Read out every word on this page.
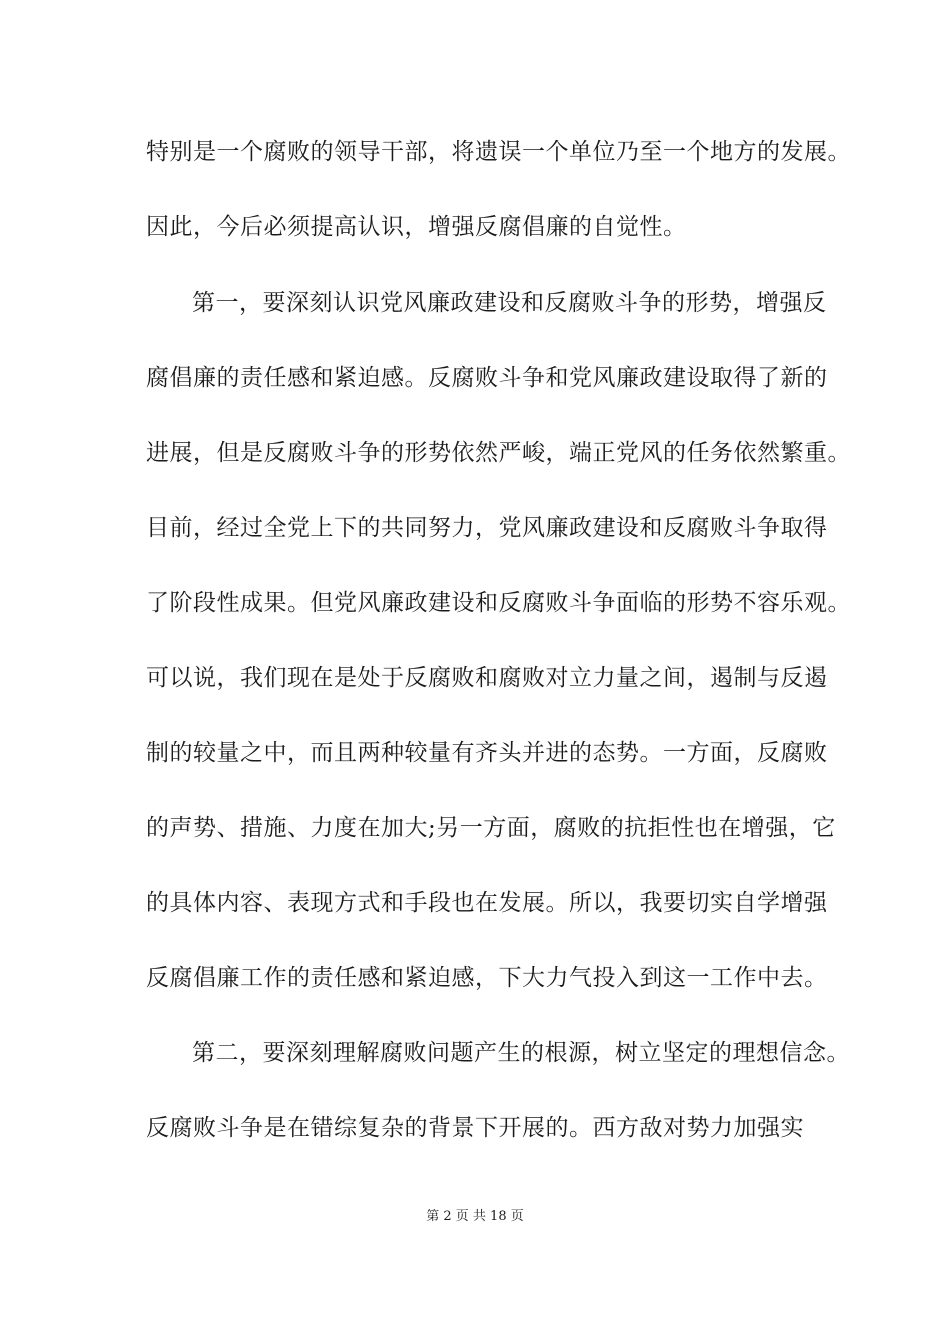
特别是一个腐败的领导干部，将遗误一个单位乃至一个地方的发展。
因此，今后必须提高认识，增强反腐倡廉的自觉性。
第一，要深刻认识党风廉政建设和反腐败斗争的形势，增强反
腐倡廉的责任感和紧迫感。反腐败斗争和党风廉政建设取得了新的
进展，但是反腐败斗争的形势依然严峻，端正党风的任务依然繁重。
目前，经过全党上下的共同努力，党风廉政建设和反腐败斗争取得
了阶段性成果。但党风廉政建设和反腐败斗争面临的形势不容乐观。
可以说，我们现在是处于反腐败和腐败对立力量之间，遏制与反遏
制的较量之中，而且两种较量有齐头并进的态势。一方面，反腐败
的声势、措施、力度在加大;另一方面，腐败的抗拒性也在增强，它
的具体内容、表现方式和手段也在发展。所以，我要切实自学增强
反腐倡廉工作的责任感和紧迫感，下大力气投入到这一工作中去。
第二，要深刻理解腐败问题产生的根源，树立坚定的理想信念。
反腐败斗争是在错综复杂的背景下开展的。西方敌对势力加强实
第 2 页 共 18 页
